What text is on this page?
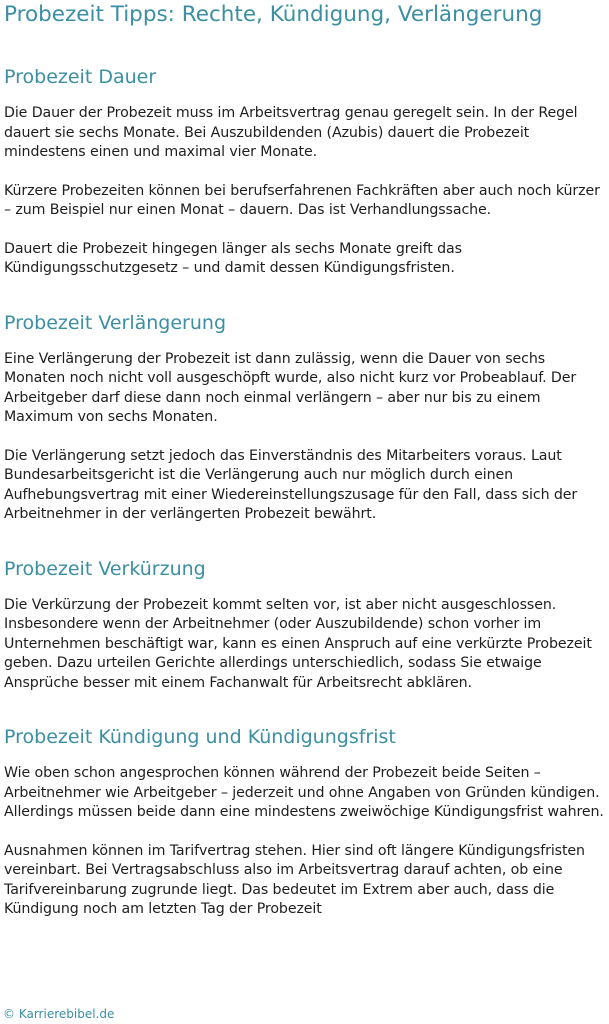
Probezeit Tipps: Rechte, Kündigung, Verlängerung
Probezeit Dauer

Die Dauer der Probezeit muss im Arbeitsvertrag genau geregelt sein. In der Regel dauert sie sechs Monate. Bei Auszubildenden (Azubis) dauert die Probezeit mindestens einen und maximal vier Monate.

Kürzere Probezeiten können bei berufserfahrenen Fachkräften aber auch noch kürzer – zum Beispiel nur einen Monat – dauern. Das ist Verhandlungssache.

Dauert die Probezeit hingegen länger als sechs Monate greift das Kündigungsschutzgesetz – und damit dessen Kündigungsfristen.

Probezeit Verlängerung

Eine Verlängerung der Probezeit ist dann zulässig, wenn die Dauer von sechs Monaten noch nicht voll ausgeschöpft wurde, also nicht kurz vor Probeablauf. Der Arbeitgeber darf diese dann noch einmal verlängern – aber nur bis zu einem Maximum von sechs Monaten.

Die Verlängerung setzt jedoch das Einverständnis des Mitarbeiters voraus. Laut Bundesarbeitsgericht ist die Verlängerung auch nur möglich durch einen Aufhebungsvertrag mit einer Wiedereinstellungszusage für den Fall, dass sich der Arbeitnehmer in der verlängerten Probezeit bewährt.

Probezeit Verkürzung

Die Verkürzung der Probezeit kommt selten vor, ist aber nicht ausgeschlossen. Insbesondere wenn der Arbeitnehmer (oder Auszubildende) schon vorher im Unternehmen beschäftigt war, kann es einen Anspruch auf eine verkürzte Probezeit geben. Dazu urteilen Gerichte allerdings unterschiedlich, sodass Sie etwaige Ansprüche besser mit einem Fachanwalt für Arbeitsrecht abklären.

Probezeit Kündigung und Kündigungsfrist

Wie oben schon angesprochen können während der Probezeit beide Seiten – Arbeitnehmer wie Arbeitgeber – jederzeit und ohne Angaben von Gründen kündigen. Allerdings müssen beide dann eine mindestens zweiwöchige Kündigungsfrist wahren.

Ausnahmen können im Tarifvertrag stehen. Hier sind oft längere Kündigungsfristen vereinbart. Bei Vertragsabschluss also im Arbeitsvertrag darauf achten, ob eine Tarifvereinbarung zugrunde liegt. Das bedeutet im Extrem aber auch, dass die Kündigung noch am letzten Tag der Probezeit

© Karrierebibel.de
